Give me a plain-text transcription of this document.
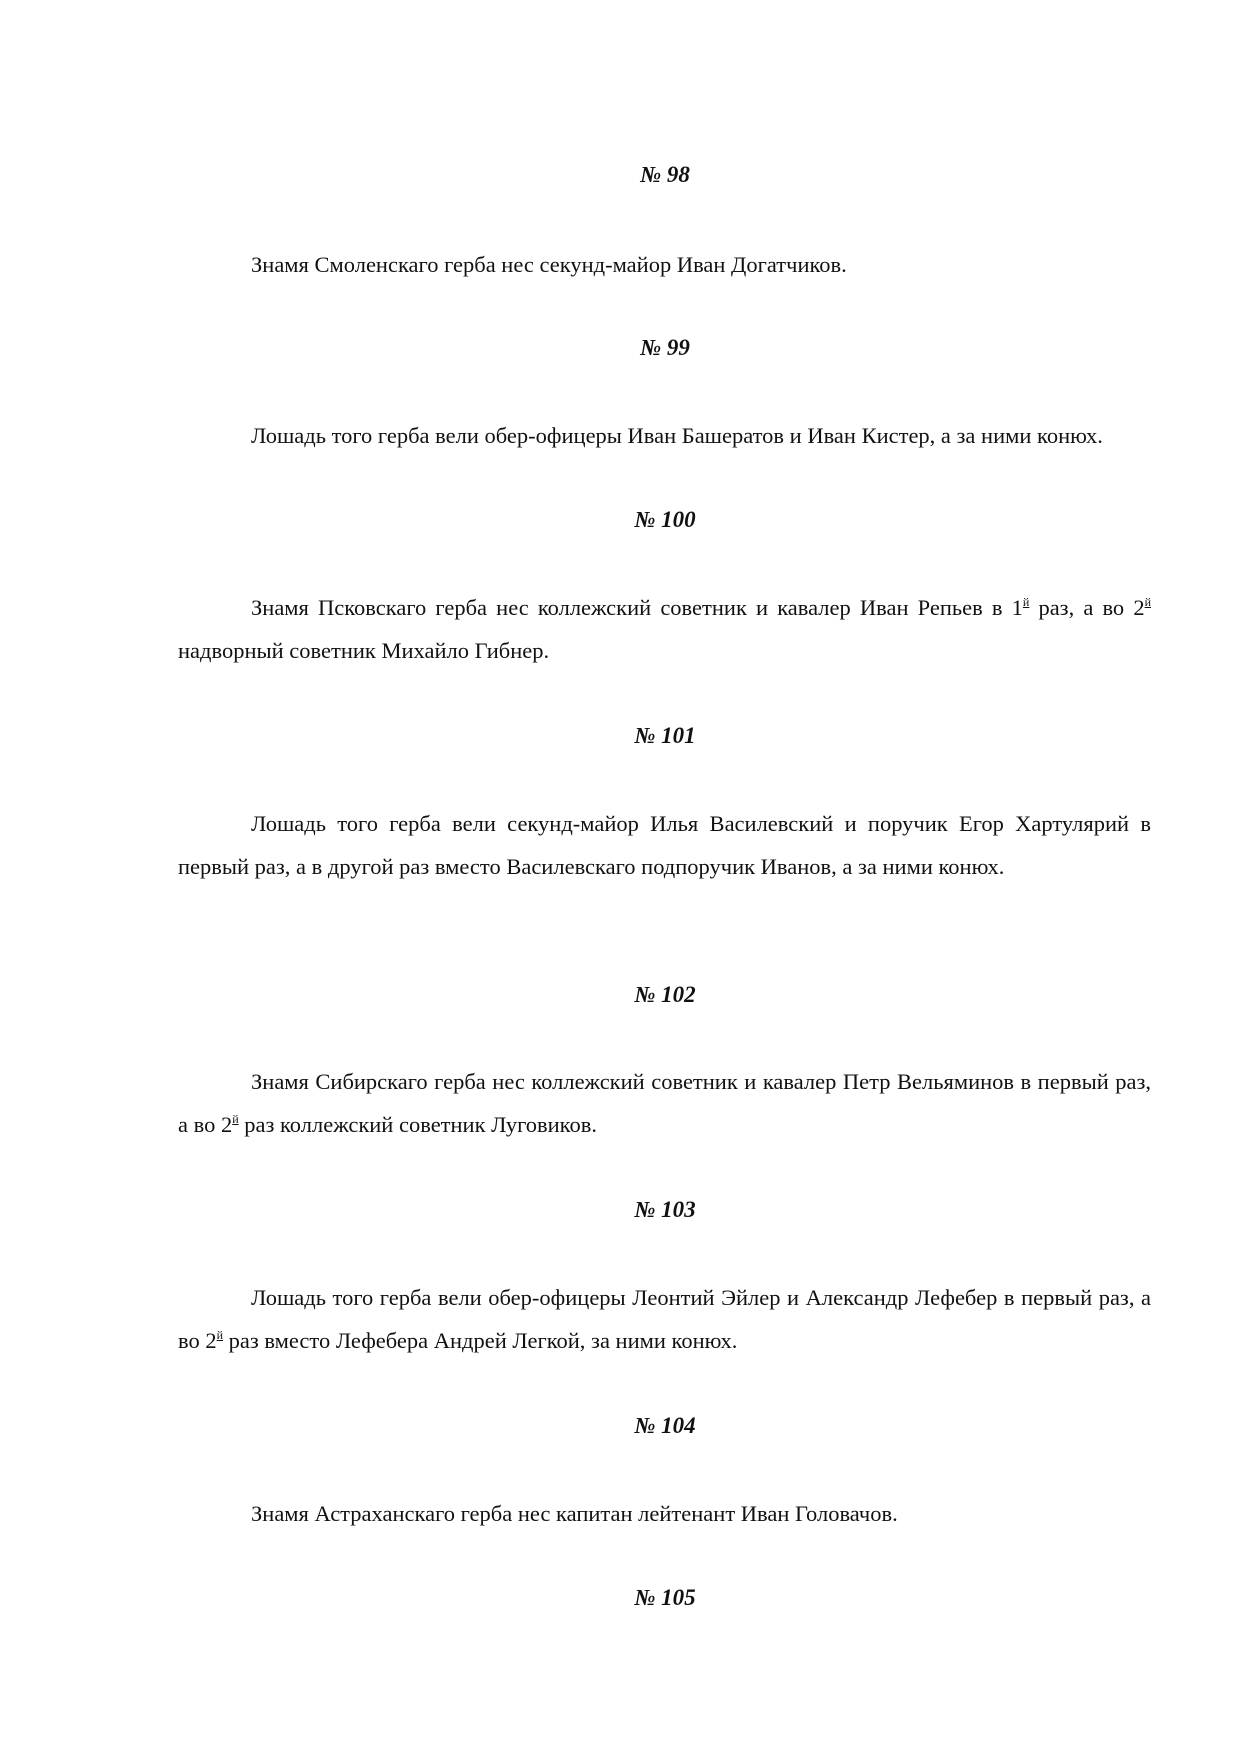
№ 98
Знамя Смоленскаго герба нес секунд-майор Иван Догатчиков.
№ 99
Лошадь того герба вели обер-офицеры Иван Башератов и Иван Кистер, а за ними конюх.
№ 100
Знамя Псковскаго герба нес коллежский советник и кавалер Иван Репьев в $1^й$ раз, а во $2^й$ надворный советник Михайло Гибнер.
№ 101
Лошадь того герба вели секунд-майор Илья Василевский и поручик Егор Хартулярий в первый раз, а в другой раз вместо Василевскаго подпоручик Иванов, а за ними конюх.
№ 102
Знамя Сибирскаго герба нес коллежский советник и кавалер Петр Вельяминов в первый раз, а во $2^й$ раз коллежский советник Луговиков.
№ 103
Лошадь того герба вели обер-офицеры Леонтий Эйлер и Александр Лефебер в первый раз, а во $2^й$ раз вместо Лефебера Андрей Легкой, за ними конюх.
№ 104
Знамя Астраханскаго герба нес капитан лейтенант Иван Головачов.
№ 105
